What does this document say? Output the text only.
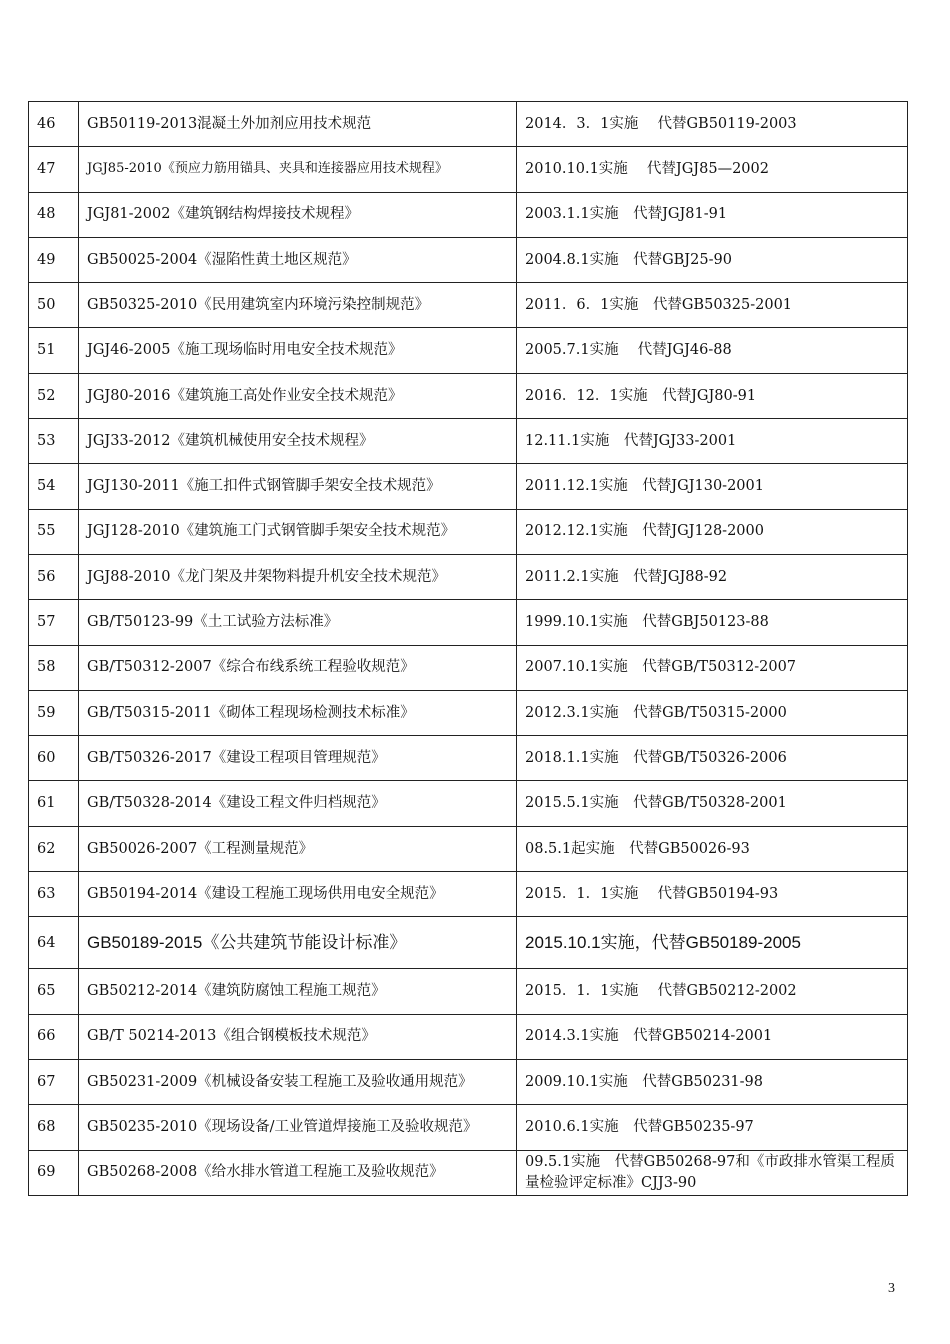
46	GB50119-2013混凝土外加剂应用技术规范	2014．3．1实施　 代替GB50119-2003
47	JGJ85-2010《预应力筋用锚具、夹具和连接器应用技术规程》	2010.10.1实施　 代替JGJ85—2002
48	JGJ81-2002《建筑钢结构焊接技术规程》	2003.1.1实施　代替JGJ81-91
49	GB50025-2004《湿陷性黄土地区规范》	2004.8.1实施　代替GBJ25-90
50	GB50325-2010《民用建筑室内环境污染控制规范》	2011．6．1实施　代替GB50325-2001
51	JGJ46-2005《施工现场临时用电安全技术规范》	2005.7.1实施　 代替JGJ46-88
52	JGJ80-2016《建筑施工高处作业安全技术规范》	2016．12．1实施　代替JGJ80-91
53	JGJ33-2012《建筑机械使用安全技术规程》	12.11.1实施　代替JGJ33-2001
54	JGJ130-2011《施工扣件式钢管脚手架安全技术规范》	2011.12.1实施　代替JGJ130-2001
55	JGJ128-2010《建筑施工门式钢管脚手架安全技术规范》	2012.12.1实施　代替JGJ128-2000
56	JGJ88-2010《龙门架及井架物料提升机安全技术规范》	2011.2.1实施　代替JGJ88-92
57	GB/T50123-99《土工试验方法标准》	1999.10.1实施　代替GBJ50123-88
58	GB/T50312-2007《综合布线系统工程验收规范》	2007.10.1实施　代替GB/T50312-2007
59	GB/T50315-2011《砌体工程现场检测技术标准》	2012.3.1实施　代替GB/T50315-2000
60	GB/T50326-2017《建设工程项目管理规范》	2018.1.1实施　代替GB/T50326-2006
61	GB/T50328-2014《建设工程文件归档规范》	2015.5.1实施　代替GB/T50328-2001
62	GB50026-2007《工程测量规范》	08.5.1起实施　代替GB50026-93
63	GB50194-2014《建设工程施工现场供用电安全规范》	2015．1．1实施　 代替GB50194-93
64	GB50189-2015《公共建筑节能设计标准》	2015.10.1实施，代替GB50189-2005
65	GB50212-2014《建筑防腐蚀工程施工规范》	2015．1．1实施　 代替GB50212-2002
66	GB/T 50214-2013《组合钢模板技术规范》	2014.3.1实施　代替GB50214-2001
67	GB50231-2009《机械设备安装工程施工及验收通用规范》	2009.10.1实施　代替GB50231-98
68	GB50235-2010《现场设备/工业管道焊接施工及验收规范》	2010.6.1实施　代替GB50235-97
69	GB50268-2008《给水排水管道工程施工及验收规范》	09.5.1实施　代替GB50268-97和《市政排水管渠工程质量检验评定标准》CJJ3-90
3
